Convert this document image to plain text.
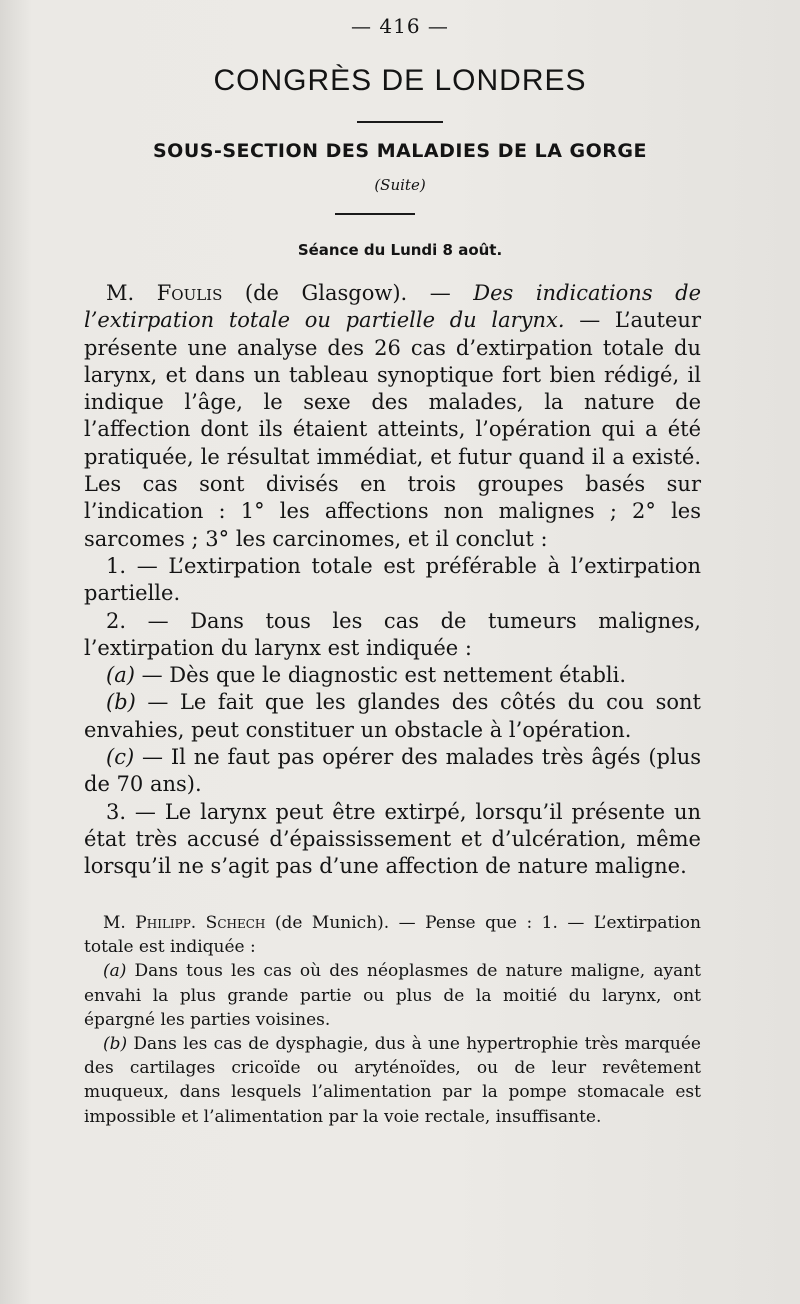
— 416 —
CONGRÈS DE LONDRES
SOUS-SECTION DES MALADIES DE LA GORGE
(Suite)
Séance du Lundi 8 août.

M. Foulis (de Glasgow). — Des indications de l’extirpation totale ou partielle du larynx. — L’auteur présente une analyse des 26 cas d’extirpation totale du larynx, et dans un tableau synoptique fort bien rédigé, il indique l’âge, le sexe des malades, la nature de l’affection dont ils étaient atteints, l’opération qui a été pratiquée, le résultat immédiat, et futur quand il a existé. Les cas sont divisés en trois groupes basés sur l’indication : 1° les affections non malignes ; 2° les sarcomes ; 3° les carcinomes, et il conclut :

1. — L’extirpation totale est préférable à l’extirpation partielle.

2. — Dans tous les cas de tumeurs malignes, l’extirpation du larynx est indiquée :

(a) — Dès que le diagnostic est nettement établi.

(b) — Le fait que les glandes des côtés du cou sont envahies, peut constituer un obstacle à l’opération.

(c) — Il ne faut pas opérer des malades très âgés (plus de 70 ans).

3. — Le larynx peut être extirpé, lorsqu’il présente un état très accusé d’épaississement et d’ulcération, même lorsqu’il ne s’agit pas d’une affection de nature maligne.

M. Philipp. Schech (de Munich). — Pense que : 1. — L’extirpation totale est indiquée :

(a) Dans tous les cas où des néoplasmes de nature maligne, ayant envahi la plus grande partie ou plus de la moitié du larynx, ont épargné les parties voisines.

(b) Dans les cas de dysphagie, dus à une hypertrophie très marquée des cartilages cricoïde ou aryténoïdes, ou de leur revêtement muqueux, dans lesquels l’alimentation par la pompe stomacale est impossible et l’alimentation par la voie rectale, insuffisante.
